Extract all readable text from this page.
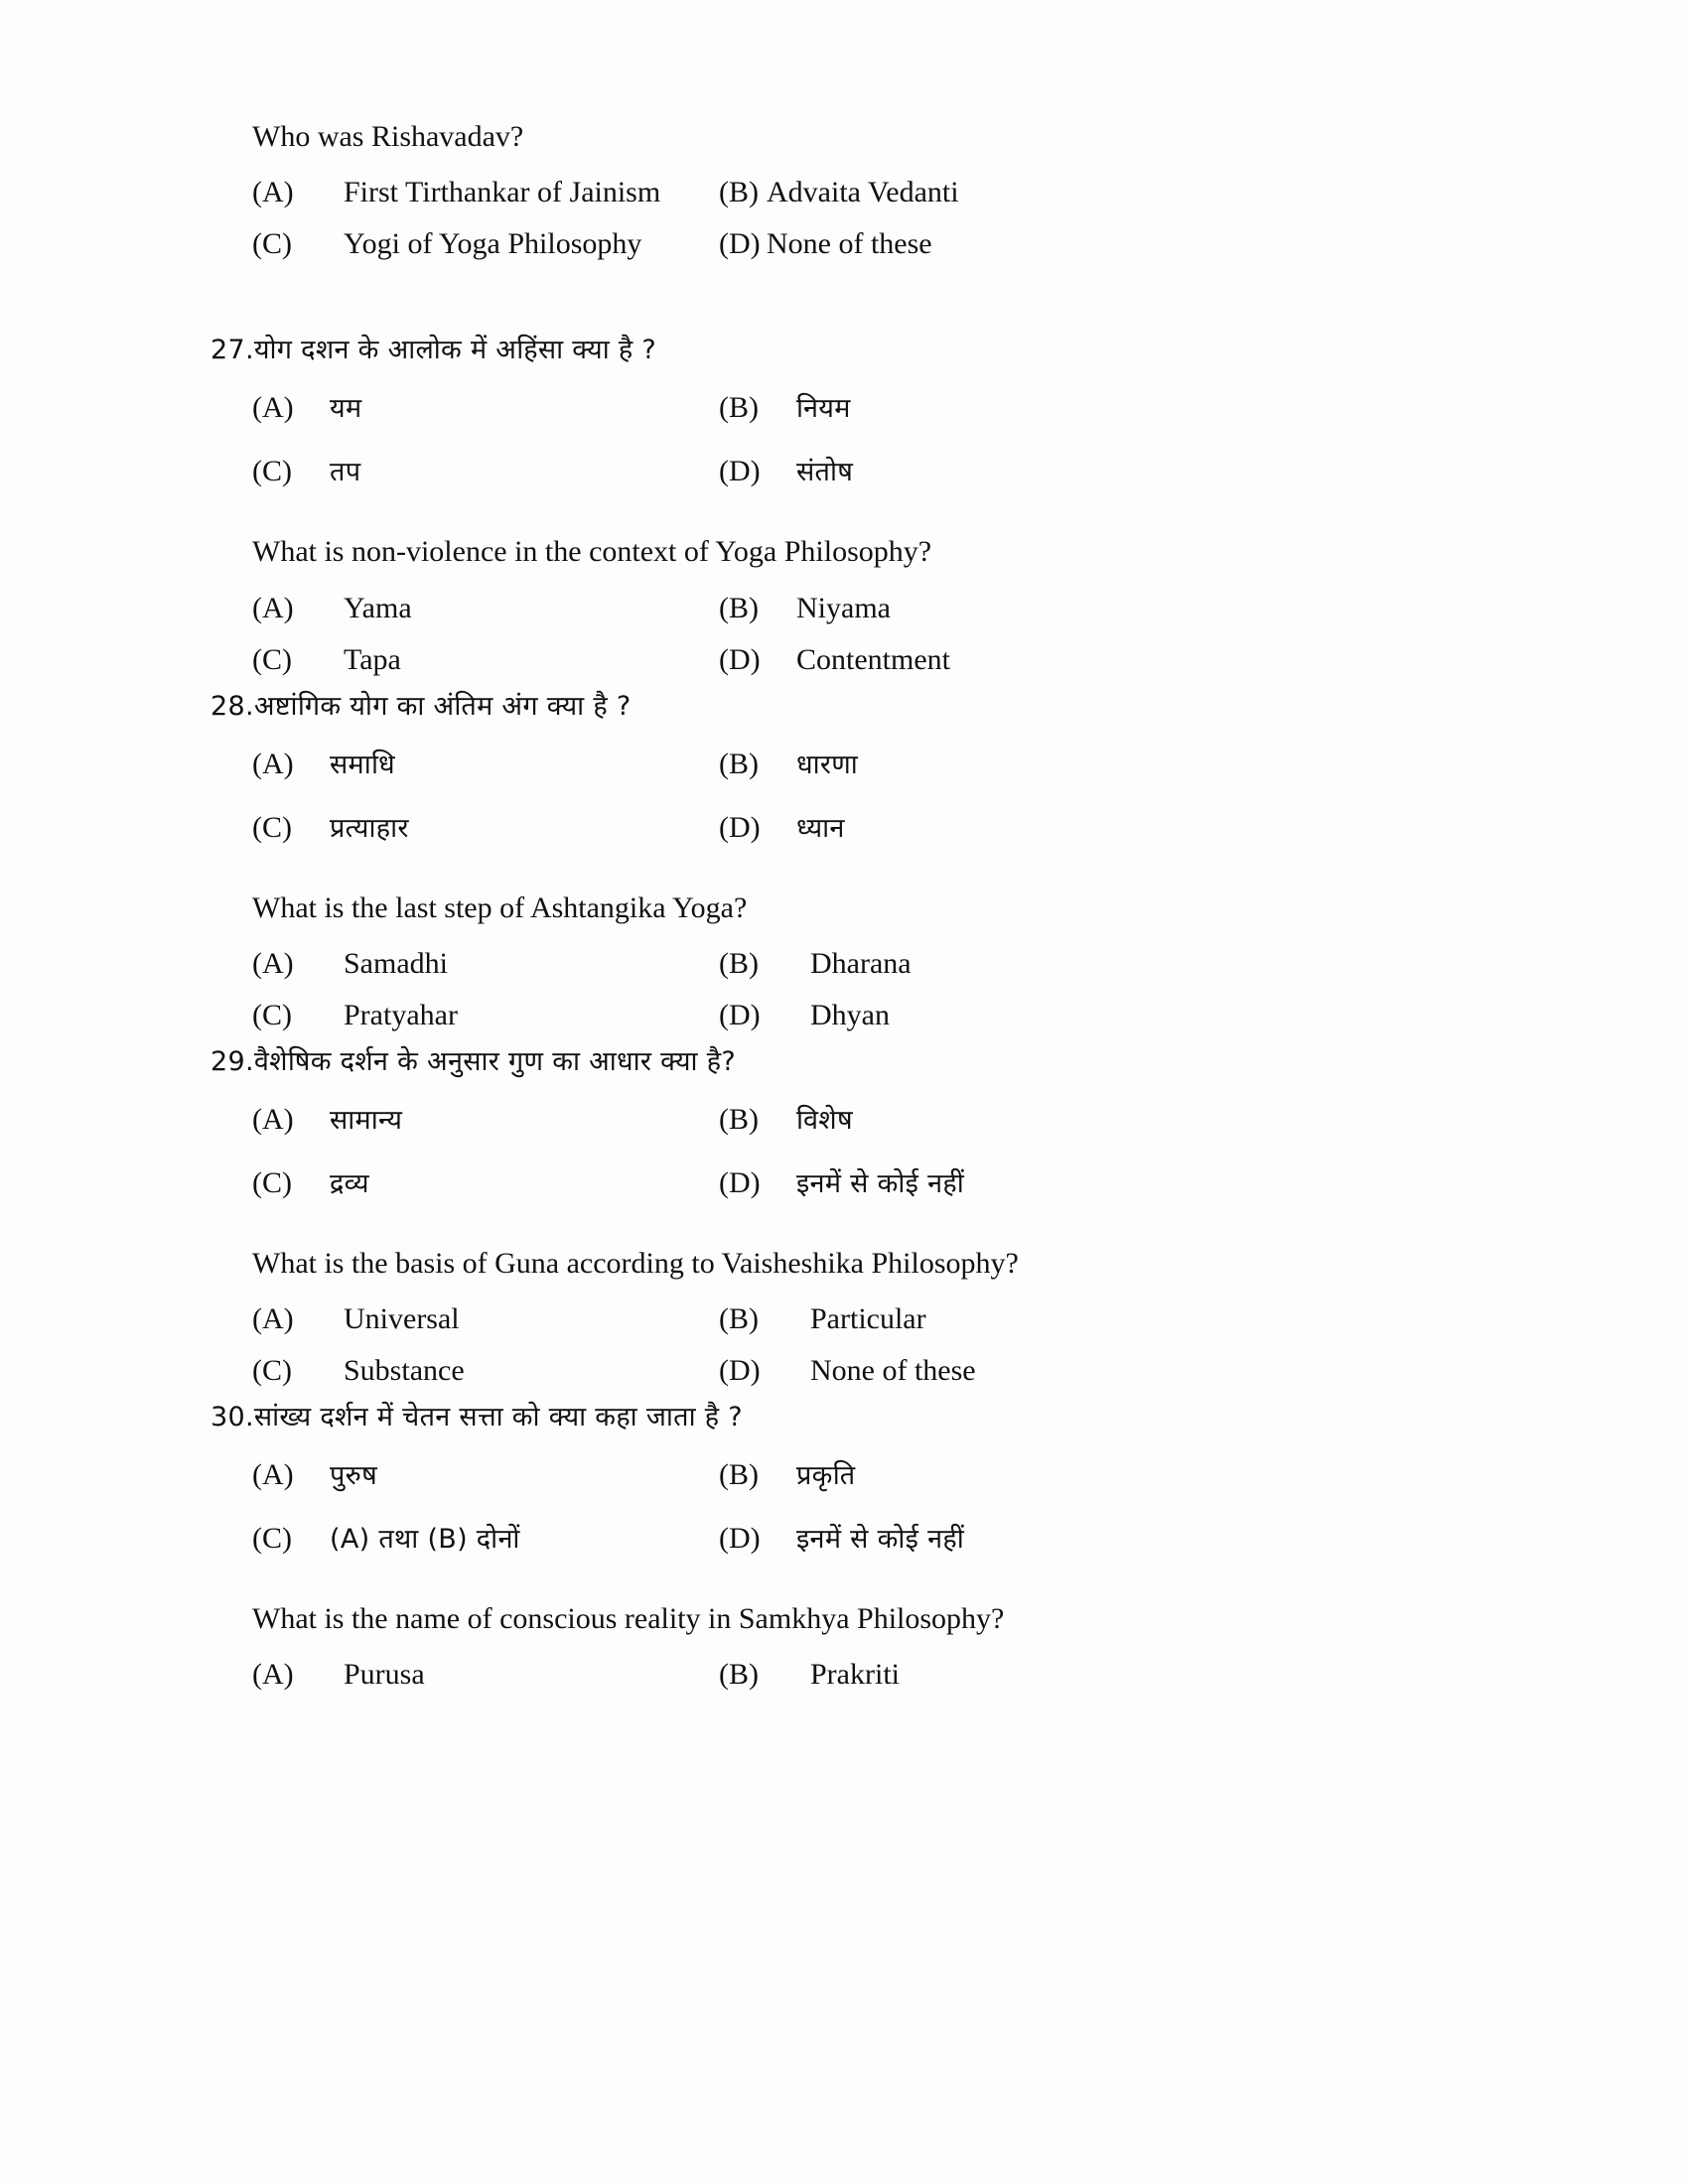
Who was Rishavadav?
(A)	First Tirthankar of Jainism (B) Advaita Vedanti
(C)	Yogi of Yoga Philosophy	(D) None of these
27.योग दशन के आलोक में अहिंसा क्या है ?
(A)	यम	(B)	नियम
(C)	तप	(D)	संतोष
What is non-violence in the context of Yoga Philosophy?
(A)	Yama	(B)	Niyama
(C)	Tapa	(D)	Contentment
28.अष्टांगिक योग का अंतिम अंग क्या है ?
(A)	समाधि	(B)	धारणा
(C)	प्रत्याहार	(D)	ध्यान
What is the last step of Ashtangika Yoga?
(A)	Samadhi	(B)	Dharana
(C)	Pratyahar	(D)	Dhyan
29.वैशेषिक दर्शन के अनुसार गुण का आधार क्या है?
(A)	सामान्य	(B)	विशेष
(C)	द्रव्य	(D)	इनमें से कोई नहीं
What is the basis of Guna according to Vaisheshika Philosophy?
(A)	Universal	(B)	Particular
(C)	Substance	(D)	None of these
30.सांख्य दर्शन में चेतन सत्ता को क्या कहा जाता है ?
(A)	पुरुष	(B)	प्रकृति
(C)	(A) तथा (B) दोनों	(D)	इनमें से कोई नहीं
What is the name of conscious reality in Samkhya Philosophy?
(A)	Purusa	(B)	Prakriti
